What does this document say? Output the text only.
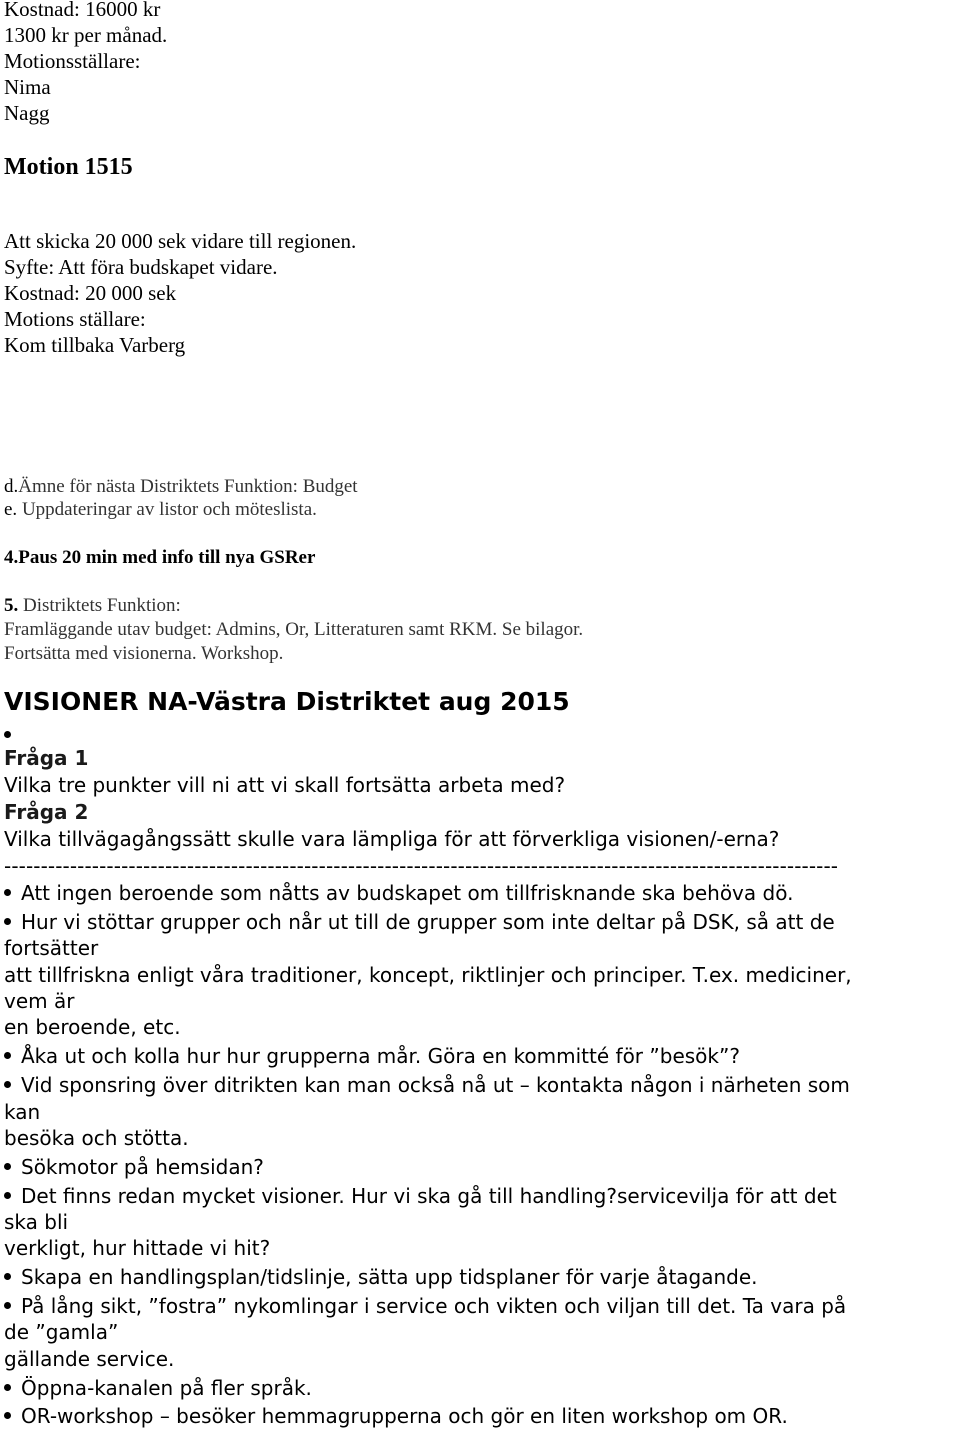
Kostnad: 16000 kr
1300 kr per månad.
Motionsställare:
Nima
Nagg
Motion 1515
Att skicka 20 000 sek vidare till regionen.
Syfte: Att föra budskapet vidare.
Kostnad: 20 000 sek
Motions ställare:
Kom tillbaka Varberg
d.Ämne för nästa Distriktets Funktion: Budget
e. Uppdateringar av listor och möteslista.
4.Paus 20 min med info till nya GSRer
5. Distriktets Funktion:
Framläggande utav budget: Admins, Or, Litteraturen samt RKM. Se bilagor.
Fortsätta med visionerna. Workshop.
VISIONER NA-Västra Distriktet aug 2015
Fråga 1
Vilka tre punkter vill ni att vi skall fortsätta arbeta med?
Fråga 2
Vilka tillvägagångssätt skulle vara lämpliga för att förverkliga visionen/-erna?
------------------------------------------------------------------------------------------------------------------
Att ingen beroende som nåtts av budskapet om tillfrisknande ska behöva dö.
Hur vi stöttar grupper och når ut till de grupper som inte deltar på DSK, så att de
fortsätter
att tillfriskna enligt våra traditioner, koncept, riktlinjer och principer. T.ex. mediciner,
vem är
en beroende, etc.
Åka ut och kolla hur hur grupperna mår. Göra en kommitté för ”besök”?
Vid sponsring över ditrikten kan man också nå ut – kontakta någon i närheten som
kan
besöka och stötta.
Sökmotor på hemsidan?
Det finns redan mycket visioner. Hur vi ska gå till handling?servicevilja för att det
ska bli
verkligt, hur hittade vi hit?
Skapa en handlingsplan/tidslinje, sätta upp tidsplaner för varje åtagande.
På lång sikt, ”fostra” nykomlingar i service och vikten och viljan till det. Ta vara på
de ”gamla”
gällande service.
Öppna-kanalen på fler språk.
OR-workshop – besöker hemmagrupperna och gör en liten workshop om OR.
